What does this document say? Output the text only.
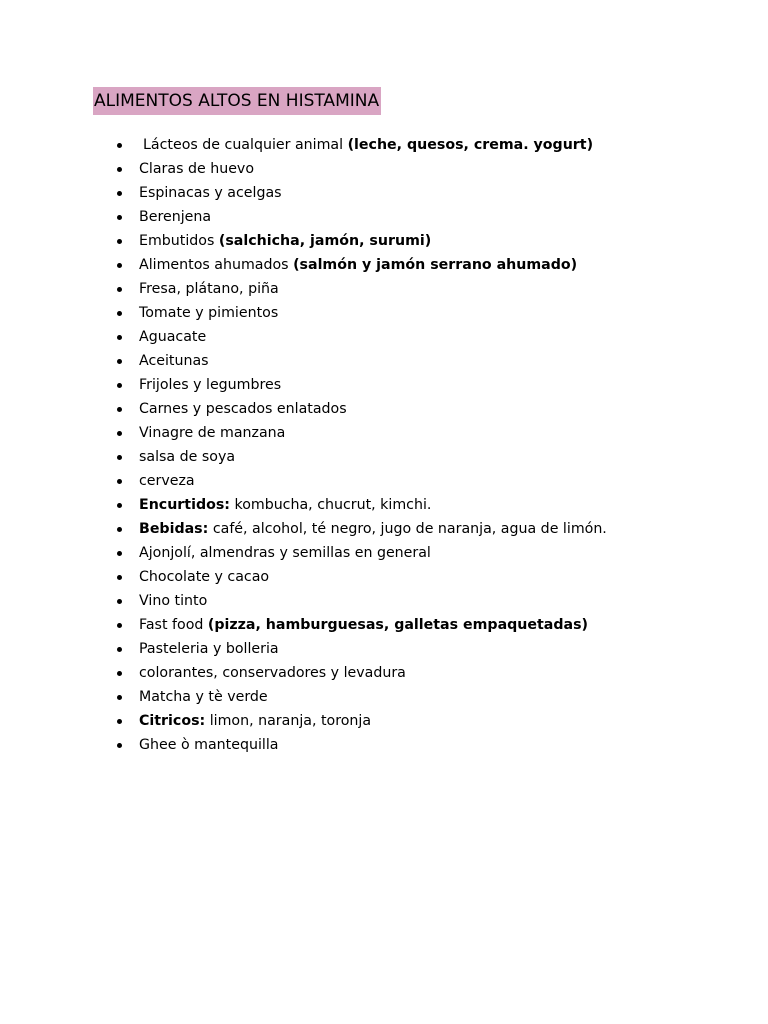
ALIMENTOS ALTOS EN HISTAMINA
Lácteos de cualquier animal (leche, quesos, crema. yogurt)
Claras de huevo
Espinacas y acelgas
Berenjena
Embutidos (salchicha, jamón, surumi)
Alimentos ahumados (salmón y jamón serrano ahumado)
Fresa, plátano, piña
Tomate y pimientos
Aguacate
Aceitunas
Frijoles y legumbres
Carnes y pescados enlatados
Vinagre de manzana
salsa de soya
cerveza
Encurtidos: kombucha, chucrut, kimchi.
Bebidas: café, alcohol, té negro, jugo de naranja, agua de limón.
Ajonjolí, almendras y semillas en general
Chocolate y cacao
Vino tinto
Fast food (pizza, hamburguesas, galletas empaquetadas)
Pasteleria y bolleria
colorantes, conservadores y levadura
Matcha y tè verde
Citricos: limon, naranja, toronja
Ghee ò mantequilla
